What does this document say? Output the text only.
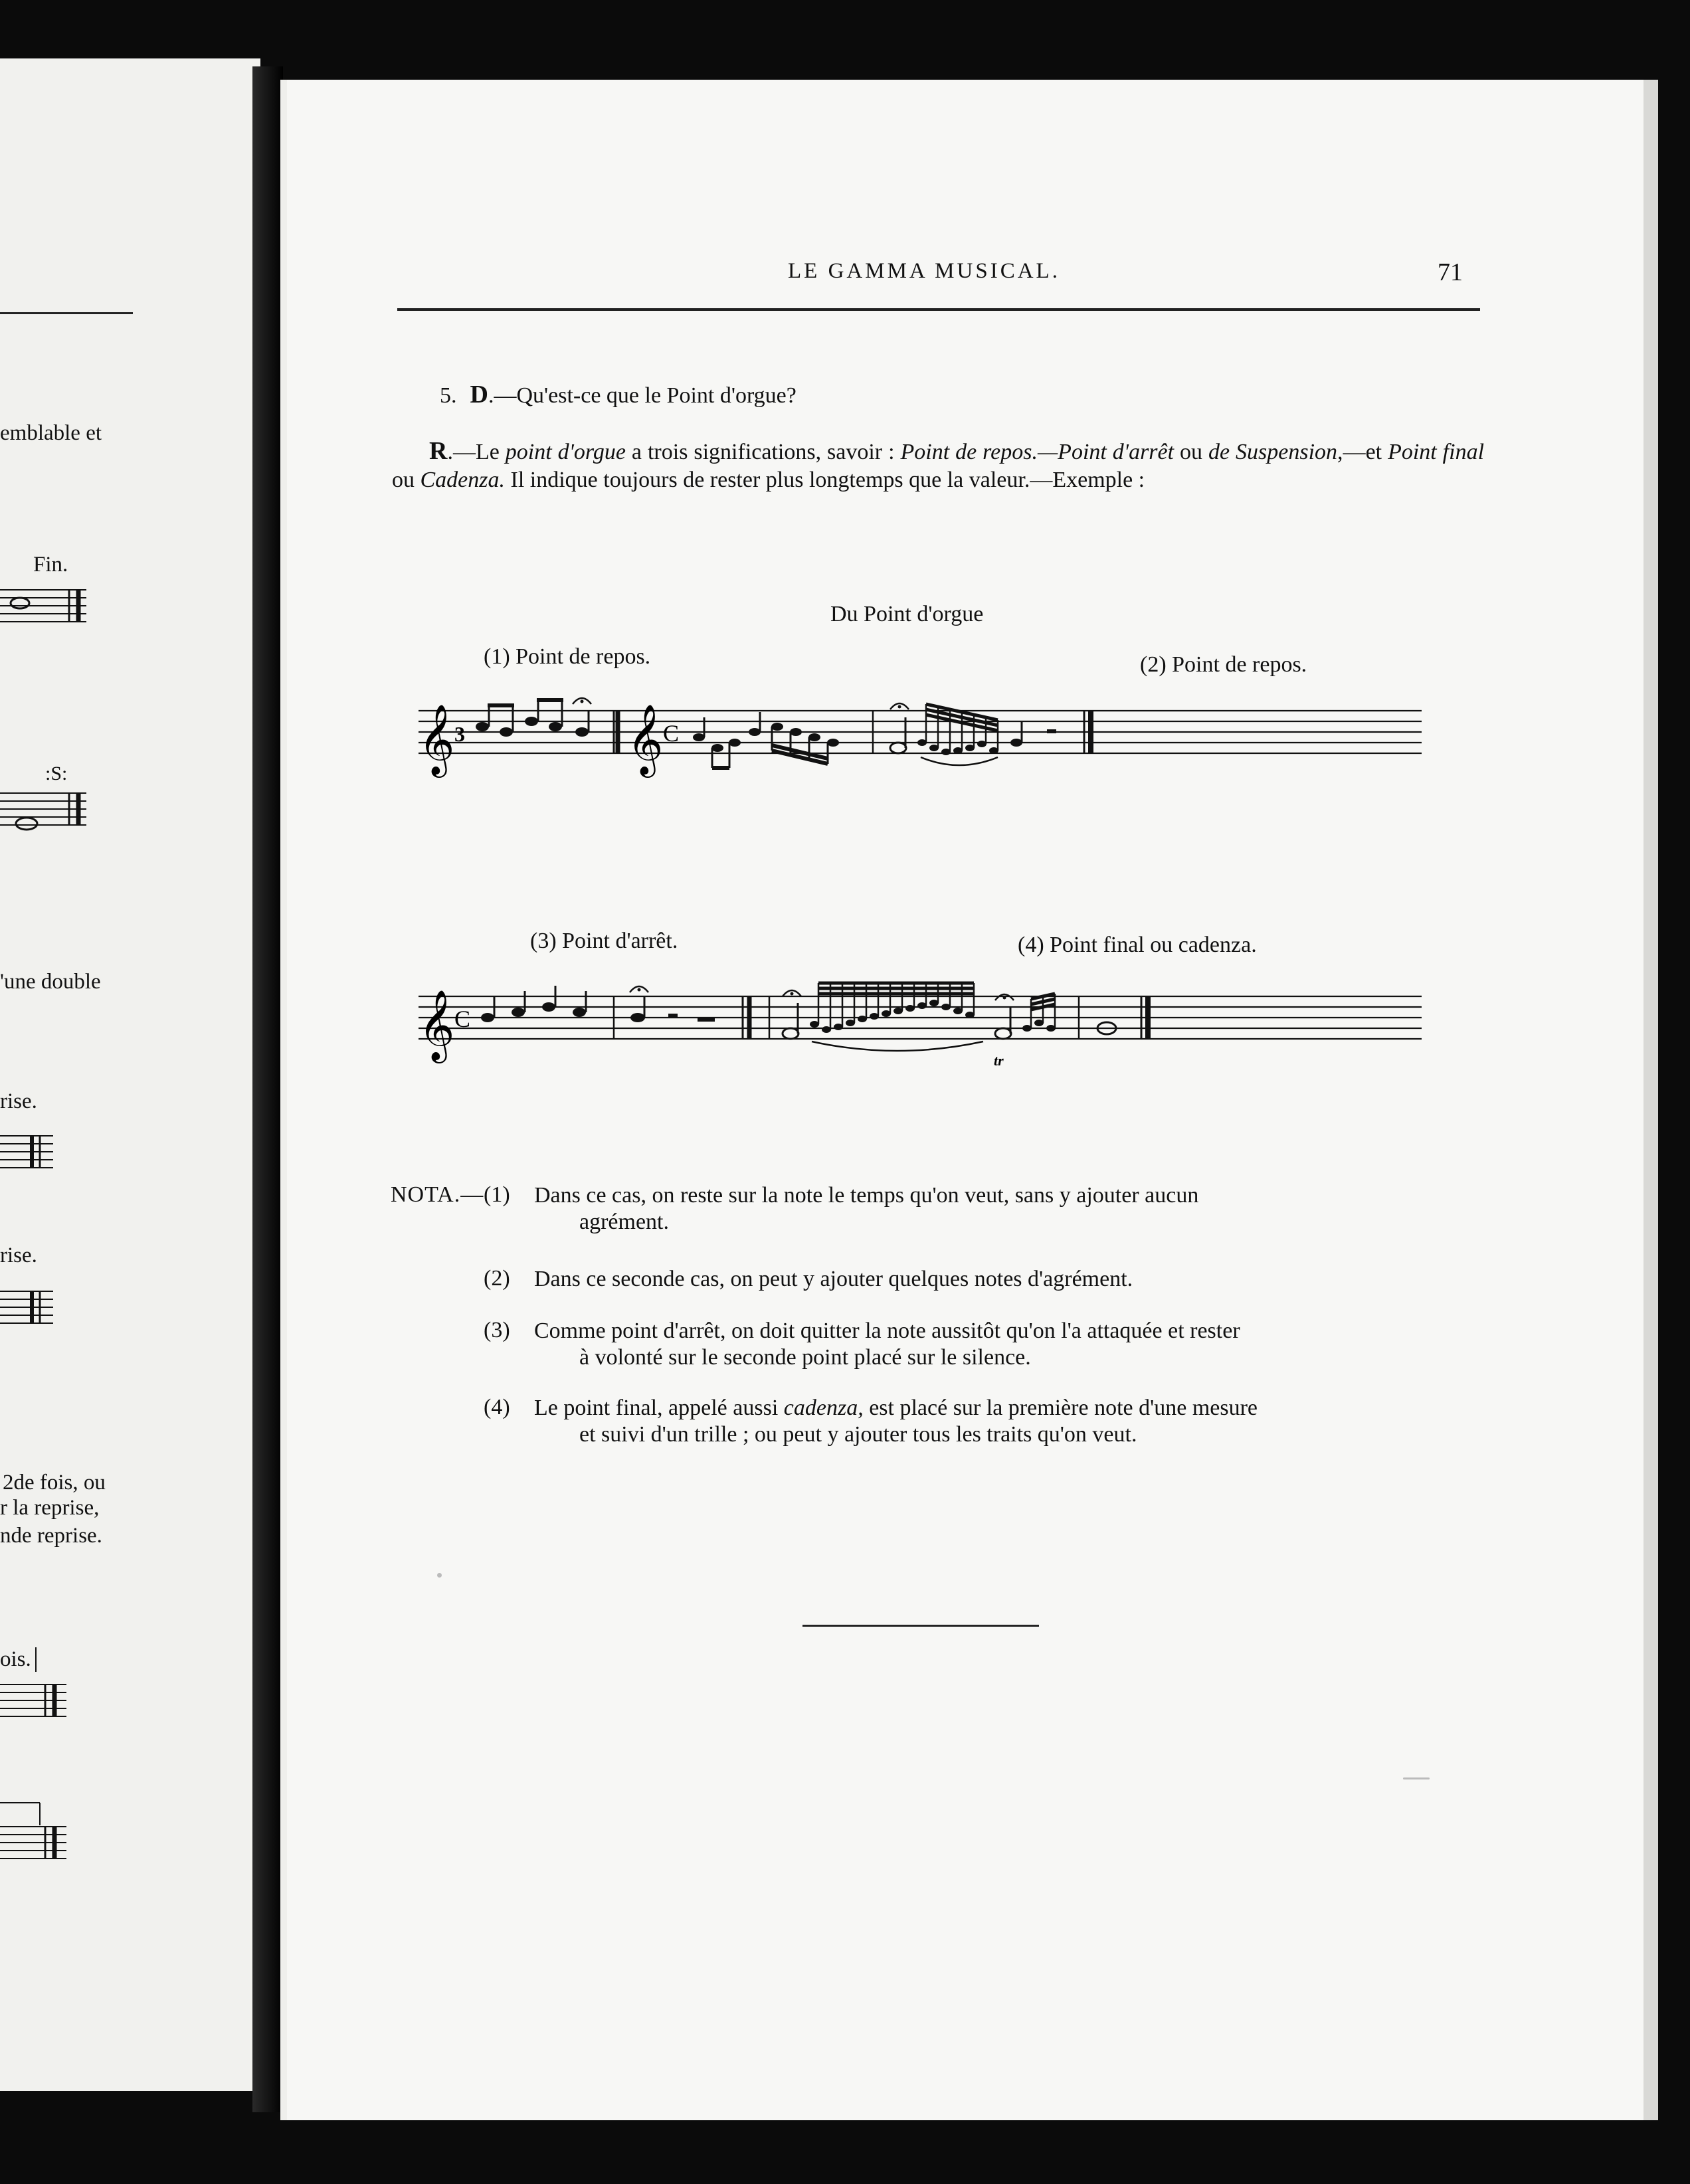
emblable et
Fin.
:S:
'une double
rise.
rise.
2de fois, ou
r la reprise,
nde reprise.
ois.
LE GAMMA MUSICAL.	71
5. D.—Qu'est-ce que le Point d'orgue?
R.—Le point d'orgue a trois significations, savoir : Point de repos.—Point d'arrêt ou de Suspension,—et Point final ou Cadenza. Il indique toujours de rester plus longtemps que la valeur.—Exemple :
Du Point d'orgue
(1) Point de repos.	(2) Point de repos.
𝄞 3	𝄞 C
(3) Point d'arrêt.	(4) Point final ou cadenza.
𝄞 C
tr
NOTA.— (1) Dans ce cas, on reste sur la note le temps qu'on veut, sans y ajouter aucun
agrément.
(2) Dans ce seconde cas, on peut y ajouter quelques notes d'agrément.
(3) Comme point d'arrêt, on doit quitter la note aussitôt qu'on l'a attaquée et rester
à volonté sur le seconde point placé sur le silence.
(4) Le point final, appelé aussi cadenza, est placé sur la première note d'une mesure
et suivi d'un trille ; ou peut y ajouter tous les traits qu'on veut.
